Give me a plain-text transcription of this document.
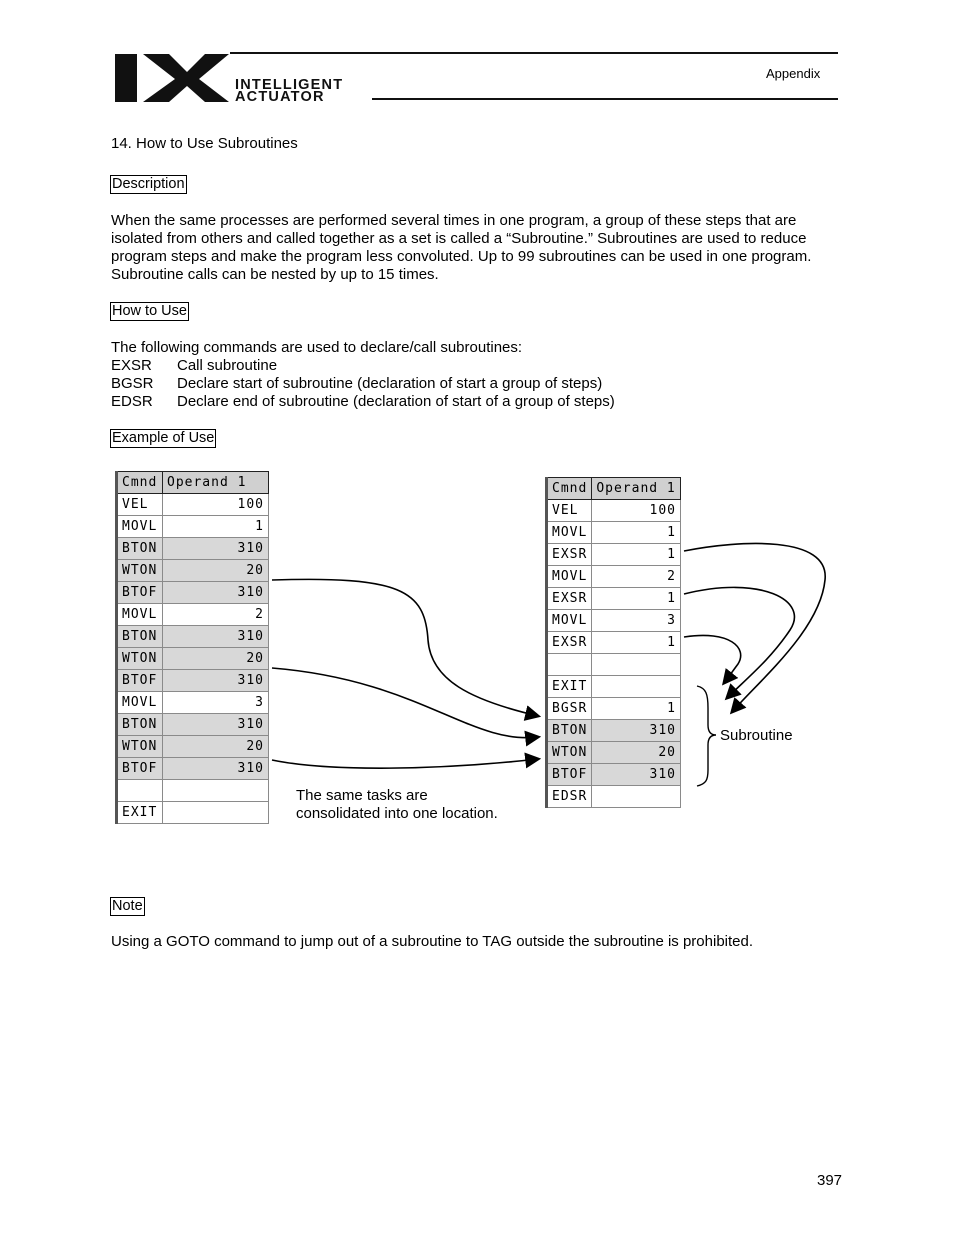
INTELLIGENT
ACTUATOR
Appendix
14. How to Use Subroutines
Description
When the same processes are performed several times in one program, a group of these steps that are isolated from others and called together as a set is called a “Subroutine.” Subroutines are used to reduce program steps and make the program less convoluted. Up to 99 subroutines can be used in one program. Subroutine calls can be nested by up to 15 times.
How to Use
The following commands are used to declare/call subroutines:
EXSR Call subroutine
BGSR Declare start of subroutine (declaration of start a group of steps)
EDSR Declare end of subroutine (declaration of start of a group of steps)
Example of Use
Cmnd	Operand 1
VEL	100
MOVL	1
BTON	310
WTON	20
BTOF	310
MOVL	2
BTON	310
WTON	20
BTOF	310
MOVL	3
BTON	310
WTON	20
BTOF	310

EXIT	
Cmnd	Operand 1
VEL	100
MOVL	1
EXSR	1
MOVL	2
EXSR	1
MOVL	3
EXSR	1

EXIT	
BGSR	1
BTON	310
WTON	20
BTOF	310
EDSR	
The same tasks are
consolidated into one location.
Subroutine
Note
Using a GOTO command to jump out of a subroutine to TAG outside the subroutine is prohibited.
397
